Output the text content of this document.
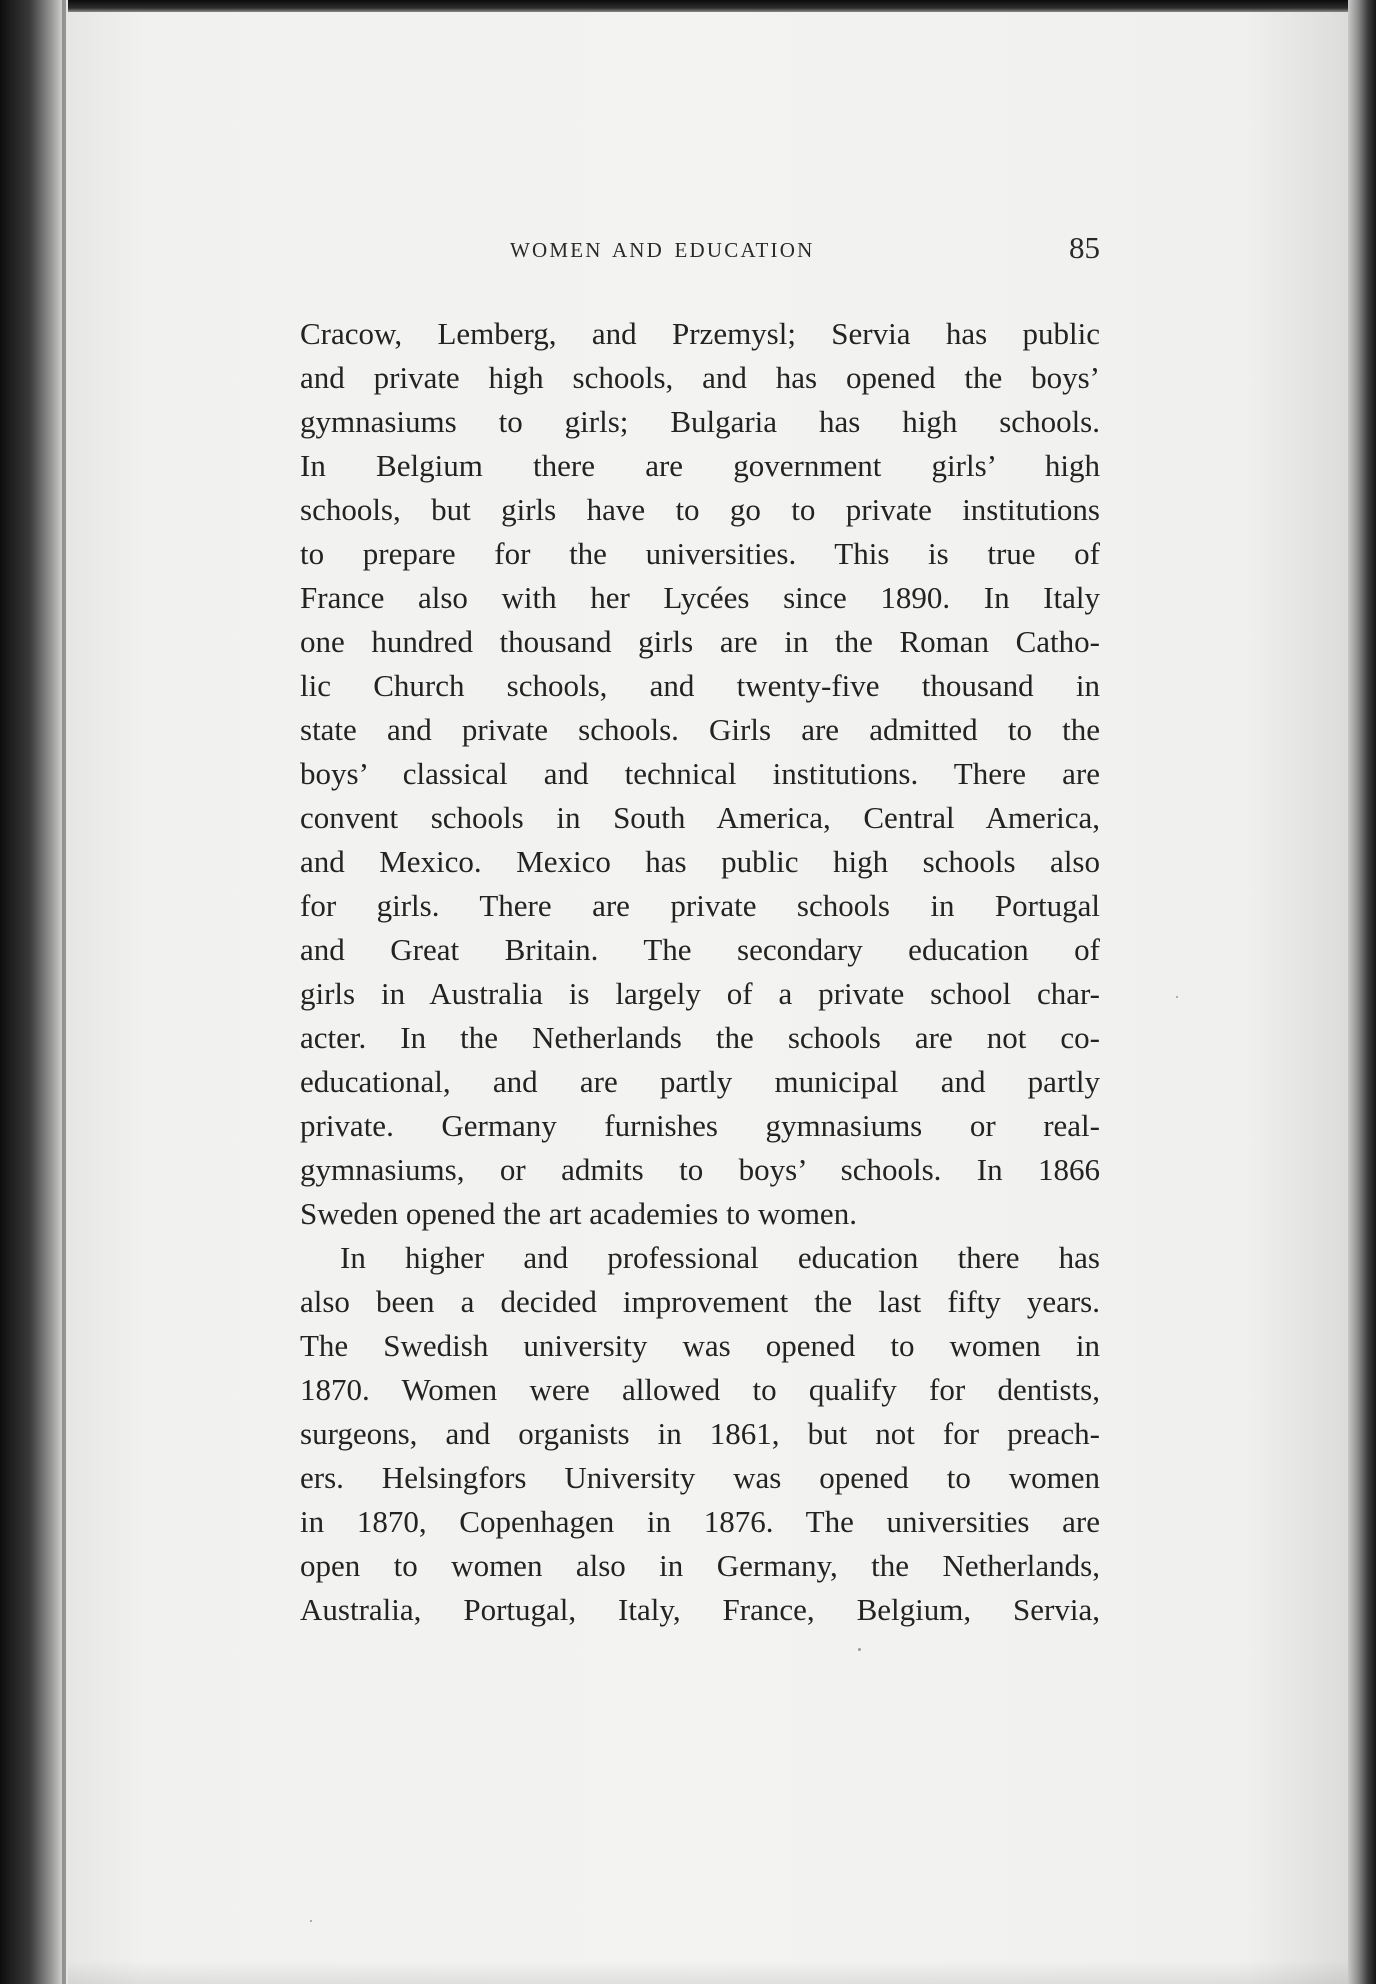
WOMEN AND EDUCATION	85
Cracow, Lemberg, and Przemysl; Servia has public
and private high schools, and has opened the boys’
gymnasiums to girls; Bulgaria has high schools.
In Belgium there are government girls’ high
schools, but girls have to go to private institutions
to prepare for the universities. This is true of
France also with her Lycées since 1890. In Italy
one hundred thousand girls are in the Roman Catho-
lic Church schools, and twenty-five thousand in
state and private schools. Girls are admitted to the
boys’ classical and technical institutions. There are
convent schools in South America, Central America,
and Mexico. Mexico has public high schools also
for girls. There are private schools in Portugal
and Great Britain. The secondary education of
girls in Australia is largely of a private school char-
acter. In the Netherlands the schools are not co-
educational, and are partly municipal and partly
private. Germany furnishes gymnasiums or real-
gymnasiums, or admits to boys’ schools. In 1866
Sweden opened the art academies to women.
In higher and professional education there has
also been a decided improvement the last fifty years.
The Swedish university was opened to women in
1870. Women were allowed to qualify for dentists,
surgeons, and organists in 1861, but not for preach-
ers. Helsingfors University was opened to women
in 1870, Copenhagen in 1876. The universities are
open to women also in Germany, the Netherlands,
Australia, Portugal, Italy, France, Belgium, Servia,
